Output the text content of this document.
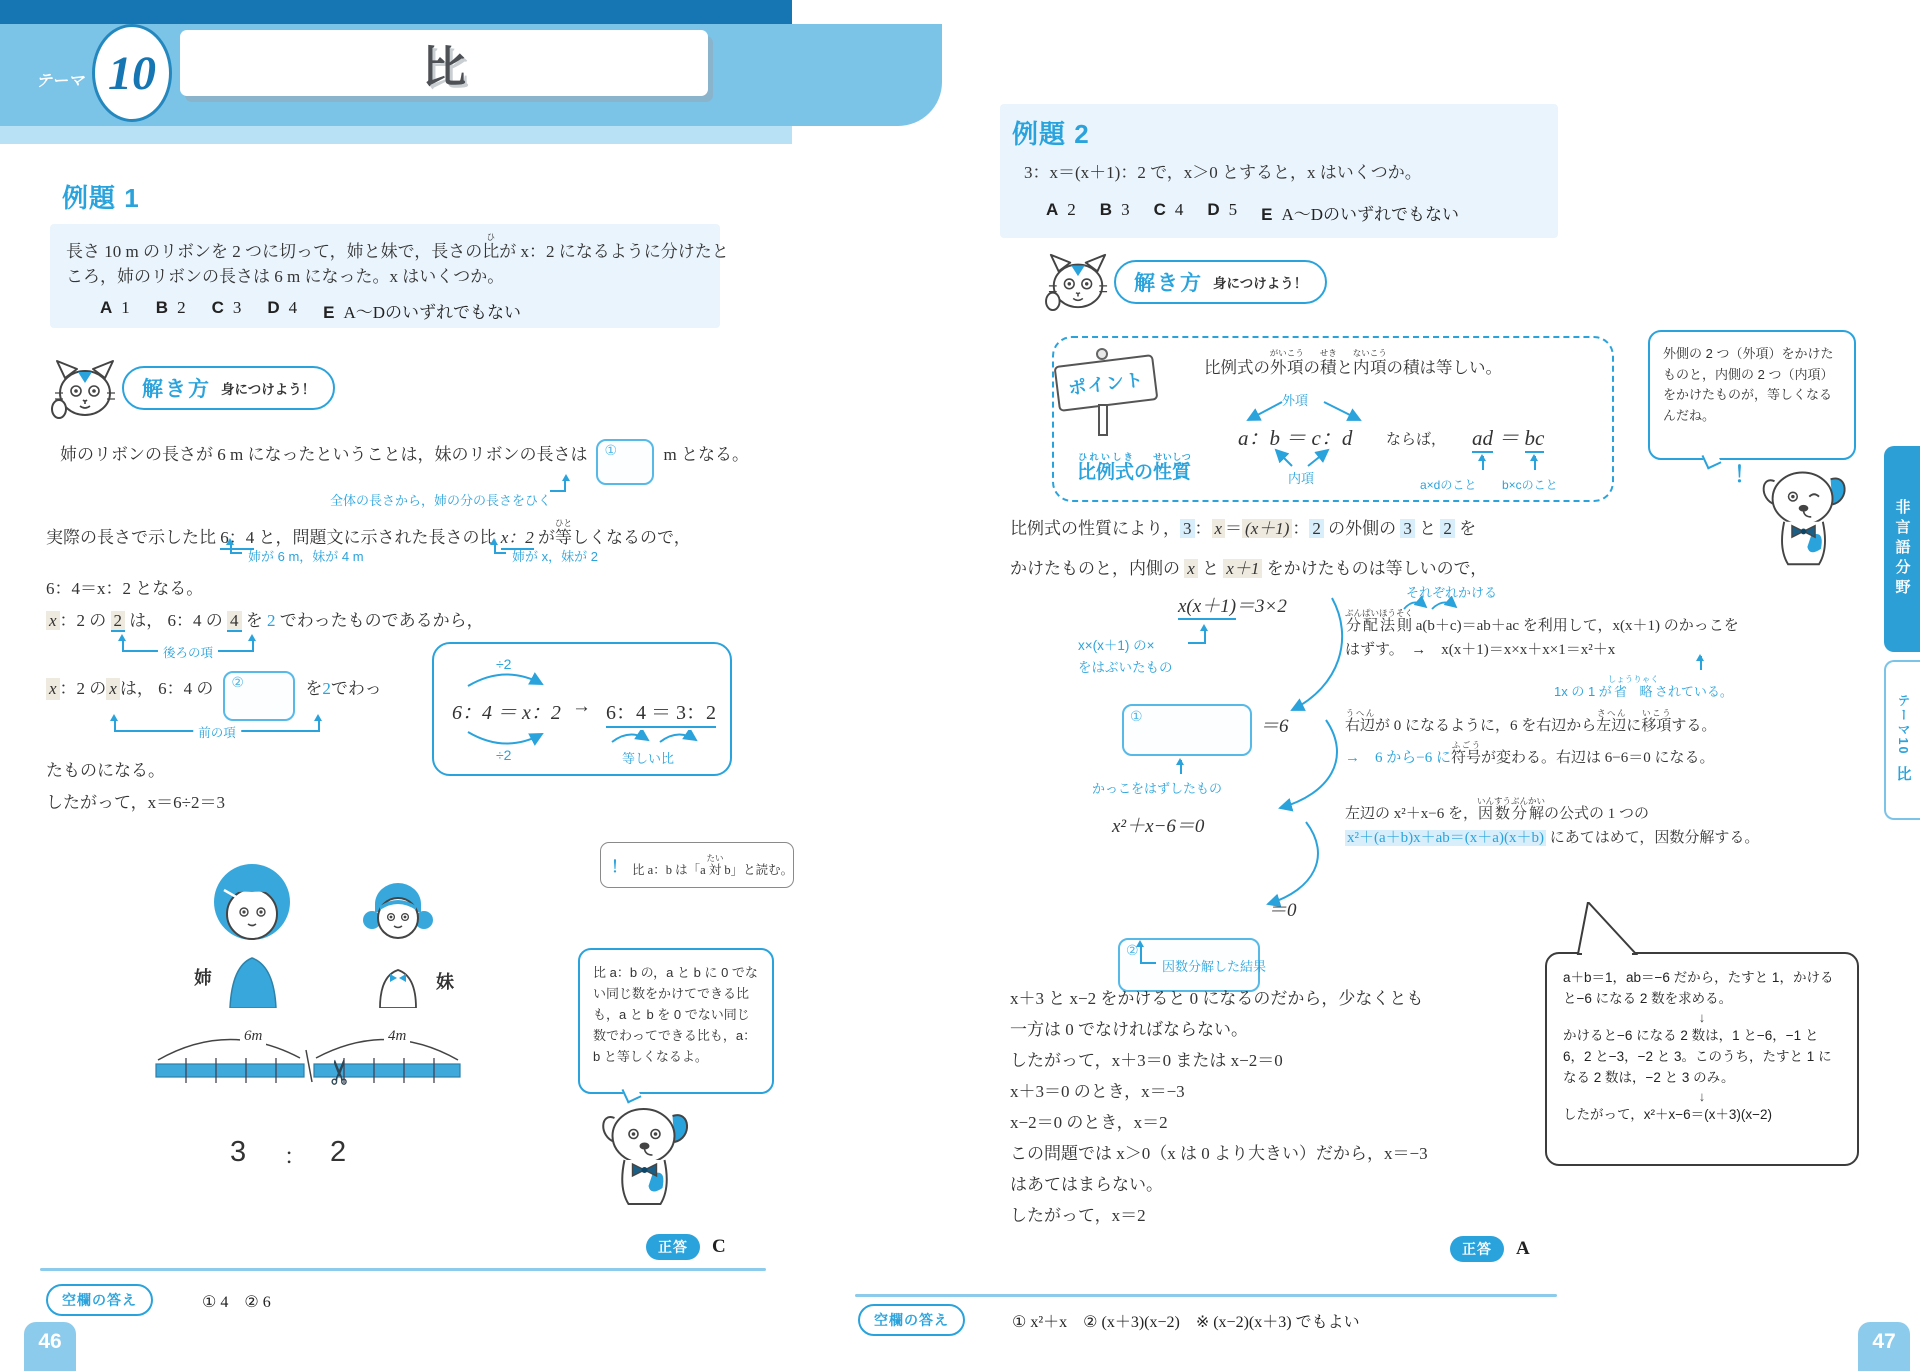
テーマ 10	比
例題 1
長さ 10 m のリボンを 2 つに切って，姉と妹で，長さの比ひが x：2 になるように分けたと
ころ，姉のリボンの長さは 6 m になった。x はいくつか。
A 1 B 2 C 3 D 4 E A〜Dのいずれでもない
解き方 身につけよう！
姉のリボンの長さが 6 m になったということは，妹のリボンの長さは ①	m となる。
全体の長さから，姉の分の長さをひく
実際の長さで示した比 6：4 と，問題文に示された長さの比 x：2 が等ひとしくなるので，
姉が 6 m，妹が 4 m	姉が x，妹が 2
6：4＝x：2 となる。
x ：2 の 2 は， 6：4 の 4 を 2 でわったものであるから，
後ろの項
x ：2 の x は， 6：4 の ②	を 2 でわっ
前の項
たものになる。
したがって，x＝6÷2＝3
÷2
6：4 ＝ x：2 → 6：4 ＝ 3：2
÷2	等しい比
！ 比 a：b は「a 対たい b」と読む。
姉	妹
✂
6m	4m
3 ： 2
比 a：b の，a と b に 0 でない同じ数をかけてできる比も，a と b を 0 でない同じ数でわってできる比も，a：b と等しくなるよ。
正答	C
空欄の答え	① 4　② 6
46
例題 2
3：x＝(x＋1)：2 で，x＞0 とすると，x はいくつか。
A 2 B 3 C 4 D 5 E A〜Dのいずれでもない
解き方 身につけよう！
ポイント
比例式ひれいしきの性質せいしつ
比例式の外項がいこうの積せきと内項ないこうの積は等しい。
a：b ＝ c：d ならば， ad ＝ bc
外項
内項	a×dのこと b×cのこと
外側の 2 つ（外項）をかけたものと，内側の 2 つ（内項）をかけたものが，等しくなるんだね。
！
比例式の性質により， 3 ： x ＝ (x＋1) ： 2 の外側の 3 と 2 を
かけたものと，内側の x と x＋1 をかけたものは等しいので，
x(x＋1)＝3×2
x×(x＋1) の×
をはぶいたもの
それぞれかける
分配法則ぶんぱいほうそく a(b＋c)＝ab＋ac を利用して，x(x＋1) のかっこを
はずす。　→　x(x＋1)＝x×x＋x×1＝x²＋x
1x の 1 が省略しょうりゃくされている。
①	＝6
かっこをはずしたもの
右辺うへんが 0 になるように，6 を右辺から左辺さへんに移項いこうする。
→　6 から−6 に符号ふごうが変わる。右辺は 6−6＝0 になる。
x²＋x−6＝0
左辺の x²＋x−6 を，因数分解いんすうぶんかいの公式の 1 つの
x²＋(a＋b)x＋ab＝(x＋a)(x＋b) にあてはめて，因数分解する。
②
＝0
因数分解した結果
x＋3 と x−2 をかけると 0 になるのだから，少なくとも
一方は 0 でなければならない。
したがって，x＋3＝0 または x−2＝0
x＋3＝0 のとき，x＝−3
x−2＝0 のとき，x＝2
この問題では x＞0（x は 0 より大きい）だから，x＝−3
はあてはまらない。
したがって，x＝2
a＋b＝1，ab＝−6 だから，たすと 1，かけると−6 になる 2 数を求める。
↓
かけると−6 になる 2 数は，1 と−6，−1 と 6，2 と−3，−2 と 3。このうち，たすと 1 になる 2 数は，−2 と 3 のみ。
↓
したがって，x²＋x−6＝(x＋3)(x−2)
正答	A
空欄の答え	① x²＋x　② (x＋3)(x−2)　※ (x−2)(x＋3) でもよい
47
非言語分野
テーマ10
比
